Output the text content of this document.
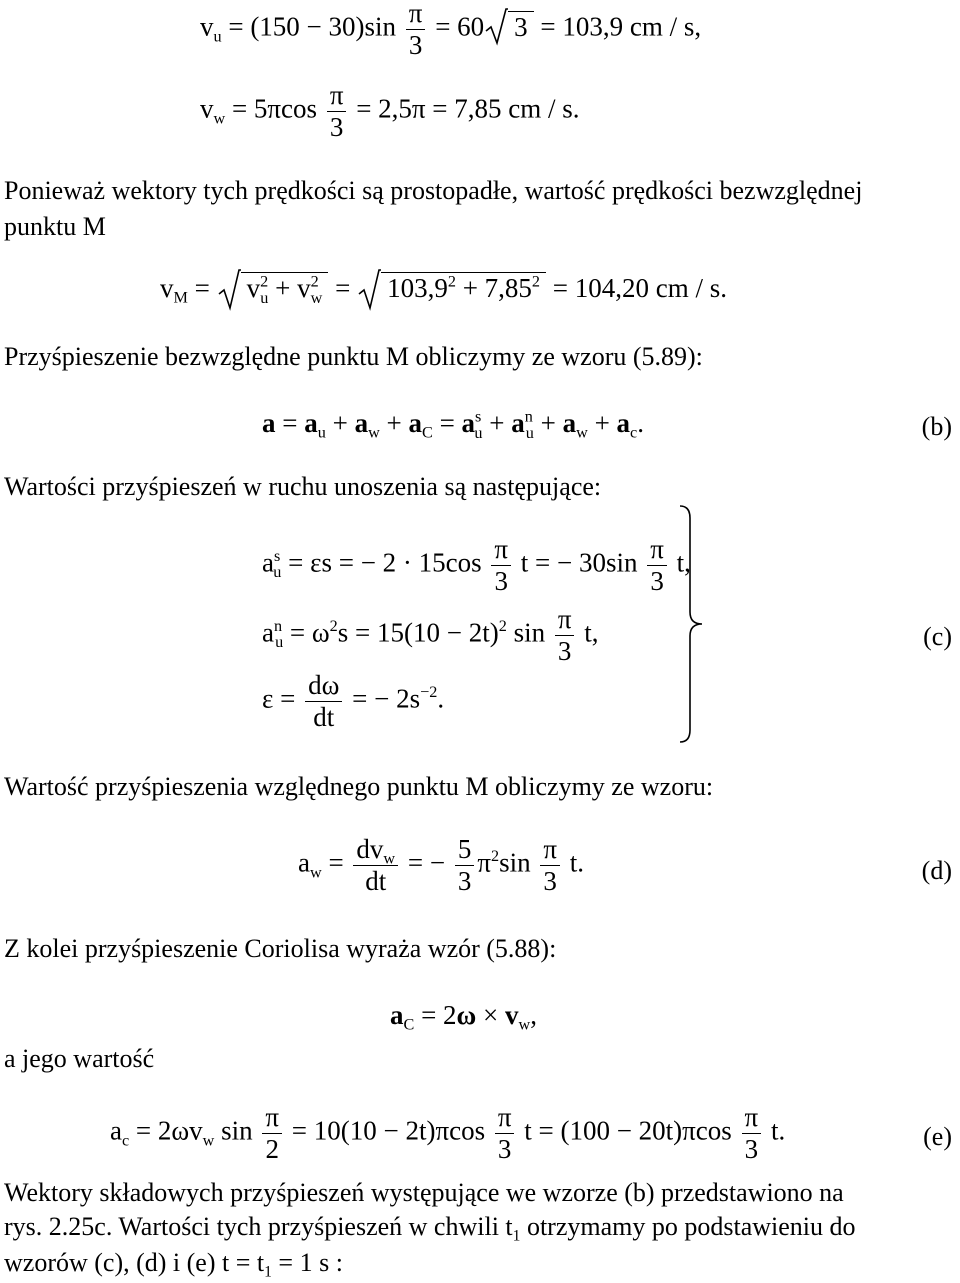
$v_u = (150 - 30)\sin \frac{\pi}{3} = 60$ 3 = 103,9 cm / s,
$v_w = 5\pi\cos \frac{\pi}{3} = 2,5\pi = 7,85$ cm / s.
Ponieważ wektory tych prędkości są prostopadłe, wartość prędkości bezwzględnej
punktu M
$v_M$ =
$v^2_u + v^2_w$ =
$103,9^2 + 7,85^2 = 104,20$ cm / s.
Przyśpieszenie bezwzględne punktu M obliczymy ze wzoru (5.89):
$a = a_u + a_w + a_C = a^s_u + a^n_u + a_w + a_c$.	(b)
Wartości przyśpieszeń w ruchu unoszenia są następujące:
$a^s_u = \varepsilon s$ = − $2 \cdot 15\cos \frac{\pi}{3}$ t = − $30\sin \frac{\pi}{3} t$,
$a^n_u = \omega^2s = 15(10 - 2t)^2$ $\sin \frac{\pi}{3} t$,
$\varepsilon = \frac{d\omega}{dt}$ = − $2s^{-2}$.
(c)
Wartość przyśpieszenia względnego punktu M obliczymy ze wzoru:
$a_w = \frac{dv_w}{dt}$ = − $\frac{5}{3} \pi^2\sin \frac{\pi}{3} t$.	(d)
Z kolei przyśpieszenie Coriolisa wyraża wzór (5.88):
$a_C = 2\omega \times v_w$,
a jego wartość
$a_c = 2\omega v_w$ $\sin \frac{\pi}{2} = 10(10 - 2t)\pi\cos \frac{\pi}{3}$ $t = (100 - 20t)\pi\cos \frac{\pi}{3} t$.	(e)
Wektory składowych przyśpieszeń występujące we wzorze (b) przedstawiono na
rys. 2.25c. Wartości tych przyśpieszeń w chwili $t_1$ otrzymamy po podstawieniu do
wzorów (c), (d) i (e) $t = t_1 = 1$ s :
